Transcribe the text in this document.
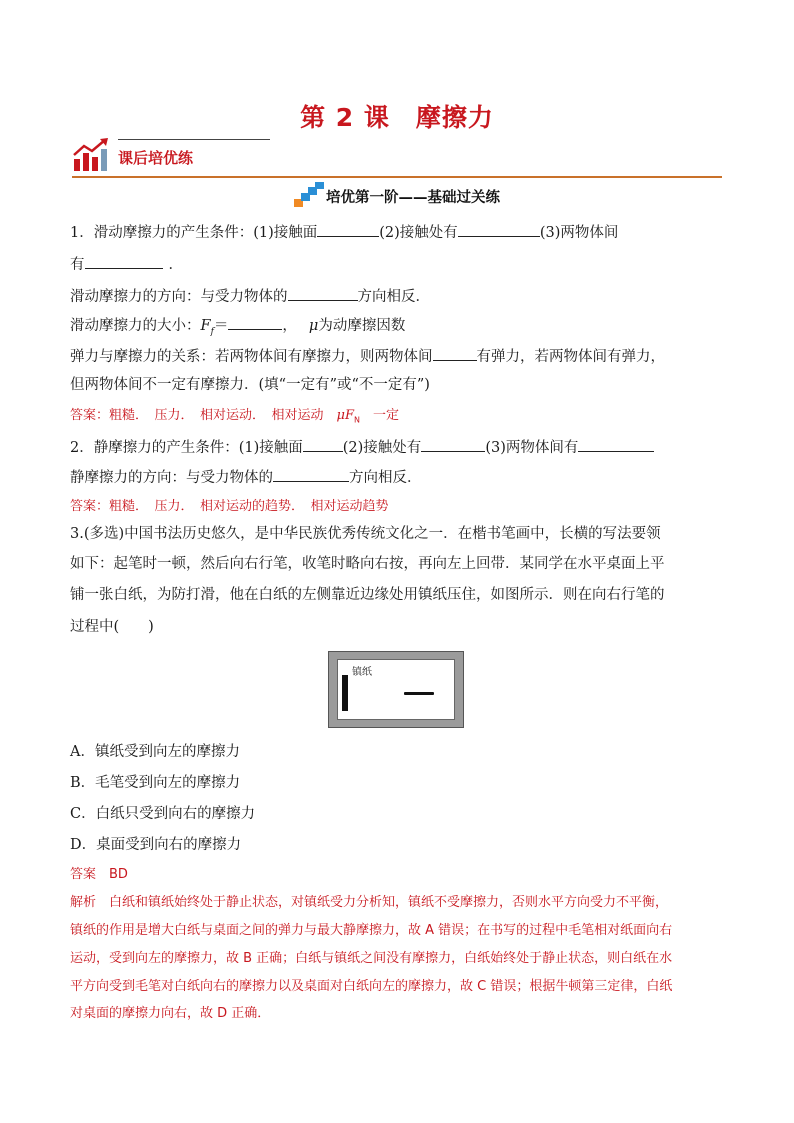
第 2 课　摩擦力
课后培优练
培优第一阶——基础过关练
1．滑动摩擦力的产生条件：(1)接触面	(2)接触处有	(3)两物体间
有	．
滑动摩擦力的方向：与受力物体的	方向相反．
滑动摩擦力的大小：$F_f=$	， μ为动摩擦因数
弹力与摩擦力的关系：若两物体间有摩擦力，则两物体间	有弹力，若两物体间有弹力，
但两物体间不一定有摩擦力．(填“一定有”或“不一定有”)
答案：粗糙．　压力．　相对运动．　相对运动　$\mu F_N$　一定
2．静摩擦力的产生条件：(1)接触面	(2)接触处有	(3)两物体间有
静摩擦力的方向：与受力物体的	方向相反．
答案：粗糙．　压力．　相对运动的趋势．　相对运动趋势
3.(多选)中国书法历史悠久，是中华民族优秀传统文化之一．在楷书笔画中，长横的写法要领
如下：起笔时一顿，然后向右行笔，收笔时略向右按，再向左上回带．某同学在水平桌面上平
铺一张白纸，为防打滑，他在白纸的左侧靠近边缘处用镇纸压住，如图所示．则在向右行笔的
过程中(　　)
镇纸
A．镇纸受到向左的摩擦力
B．毛笔受到向左的摩擦力
C．白纸只受到向右的摩擦力
D．桌面受到向右的摩擦力
答案　BD
解析　白纸和镇纸始终处于静止状态，对镇纸受力分析知，镇纸不受摩擦力，否则水平方向受力不平衡，
镇纸的作用是增大白纸与桌面之间的弹力与最大静摩擦力，故 A 错误；在书写的过程中毛笔相对纸面向右
运动，受到向左的摩擦力，故 B 正确；白纸与镇纸之间没有摩擦力，白纸始终处于静止状态，则白纸在水
平方向受到毛笔对白纸向右的摩擦力以及桌面对白纸向左的摩擦力，故 C 错误；根据牛顿第三定律，白纸
对桌面的摩擦力向右，故 D 正确．
